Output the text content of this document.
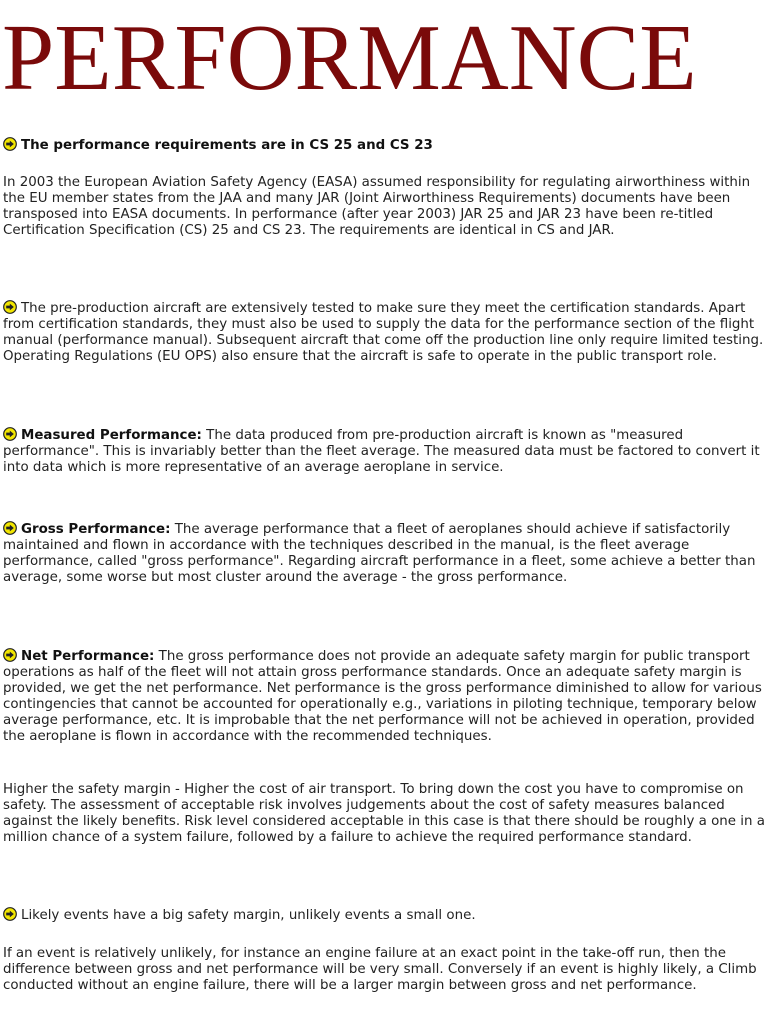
PERFORMANCE

The performance requirements are in CS 25 and CS 23

In 2003 the European Aviation Safety Agency (EASA) assumed responsibility for regulating airworthiness within the EU member states from the JAA and many JAR (Joint Airworthiness Requirements) documents have been transposed into EASA documents. In performance (after year 2003) JAR 25 and JAR 23 have been re-titled Certification Specification (CS) 25 and CS 23. The requirements are identical in CS and JAR.

The pre-production aircraft are extensively tested to make sure they meet the certification standards. Apart from certification standards, they must also be used to supply the data for the performance section of the flight manual (performance manual). Subsequent aircraft that come off the production line only require limited testing. Operating Regulations (EU OPS) also ensure that the aircraft is safe to operate in the public transport role.

Measured Performance: The data produced from pre-production aircraft is known as "measured performance". This is invariably better than the fleet average. The measured data must be factored to convert it into data which is more representative of an average aeroplane in service.

Gross Performance: The average performance that a fleet of aeroplanes should achieve if satisfactorily maintained and flown in accordance with the techniques described in the manual, is the fleet average performance, called "gross performance". Regarding aircraft performance in a fleet, some achieve a better than average, some worse but most cluster around the average - the gross performance.

Net Performance: The gross performance does not provide an adequate safety margin for public transport operations as half of the fleet will not attain gross performance standards. Once an adequate safety margin is provided, we get the net performance. Net performance is the gross performance diminished to allow for various contingencies that cannot be accounted for operationally e.g., variations in piloting technique, temporary below average performance, etc. It is improbable that the net performance will not be achieved in operation, provided the aeroplane is flown in accordance with the recommended techniques.

Higher the safety margin - Higher the cost of air transport. To bring down the cost you have to compromise on safety. The assessment of acceptable risk involves judgements about the cost of safety measures balanced against the likely benefits. Risk level considered acceptable in this case is that there should be roughly a one in a million chance of a system failure, followed by a failure to achieve the required performance standard.

Likely events have a big safety margin, unlikely events a small one.

If an event is relatively unlikely, for instance an engine failure at an exact point in the take-off run, then the difference between gross and net performance will be very small. Conversely if an event is highly likely, a Climb conducted without an engine failure, there will be a larger margin between gross and net performance.
